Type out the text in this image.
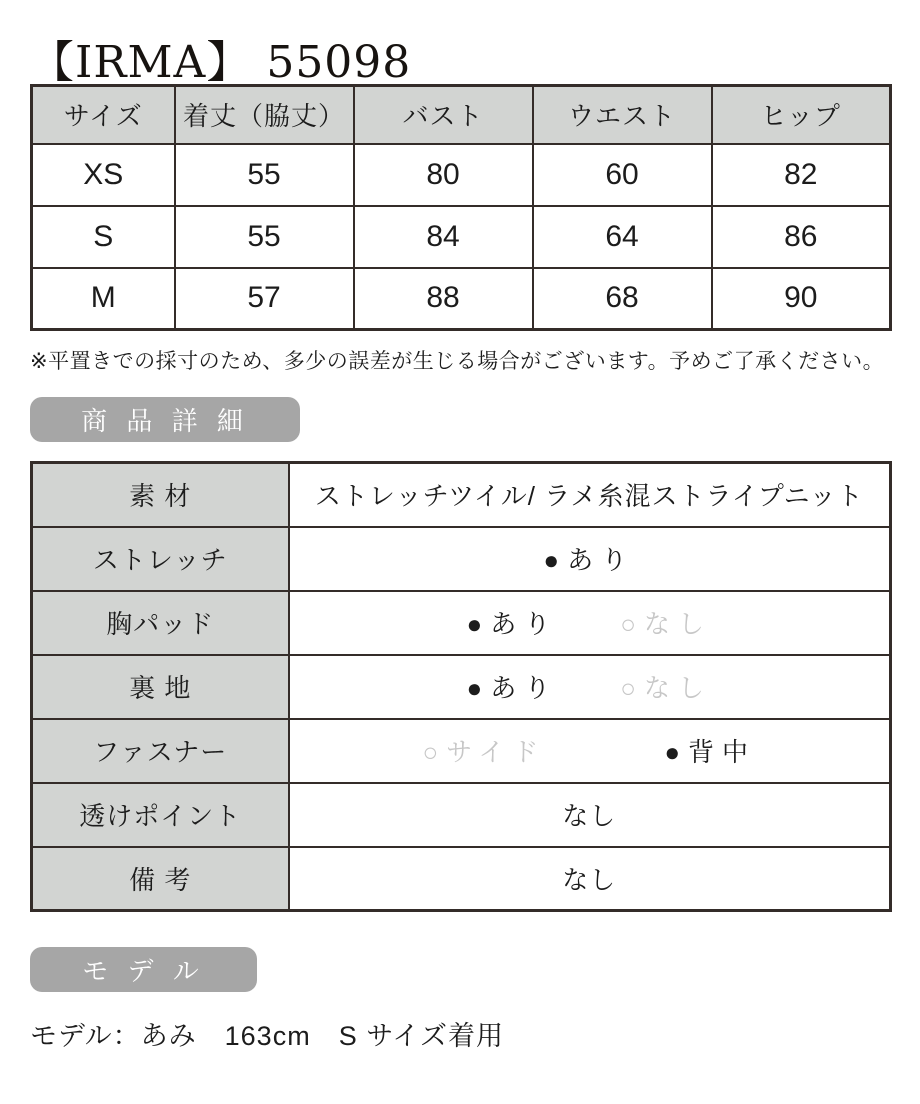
【IRMA】 55098
サイズ	着丈（脇丈）	バスト	ウエスト	ヒップ
XS	55	80	60	82
S	55	84	64	86
M	57	88	68	90

※平置きでの採寸のため、多少の誤差が生じる場合がございます。予めご了承ください。

商 品 詳 細
素 材	ストレッチツイル/ ラメ糸混ストライプニット
ストレッチ	●あり

胸パッド	●あり ○なし

裏 地	●あり ○なし

ファスナー	○サイド ●背中

透けポイント	なし
備 考	なし
モ デ ル

モデル：あみ　163cm　S サイズ着用
